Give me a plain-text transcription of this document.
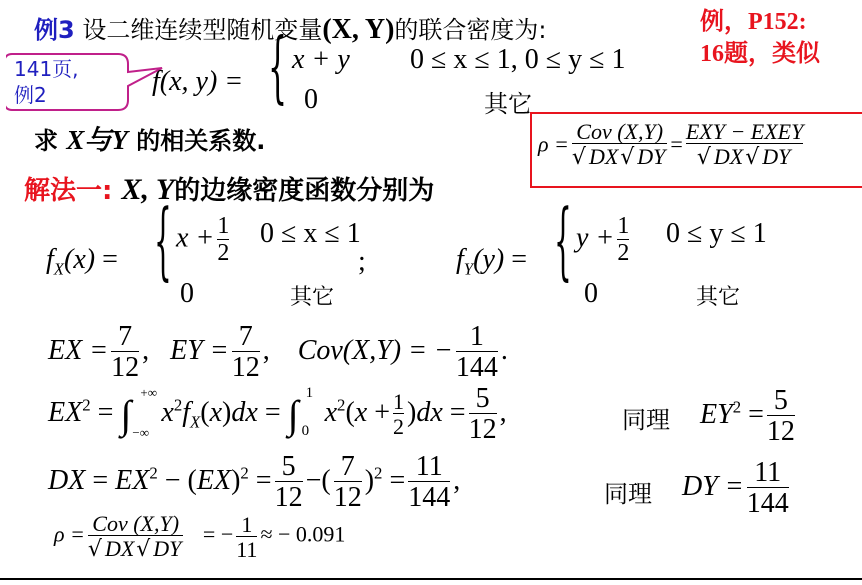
例3 设二维连续型随机变量(X, Y)的联合密度为:	例，P152:
16题，类似
141页,
例2	f(x, y) = { x + y 0 ≤ x ≤ 1, 0 ≤ y ≤ 1
0	其它
求 X与Y 的相关系数.	$\rho = \frac{\text{Cov (X,Y)}}{√ DX√ DY} = \frac{\text{EXY − EXEY}}{√ DX√ DY}$
解法一: X, Y的边缘密度函数分别为
$f_X(x)$ = { $x + \frac{1}{2} 0 \le x \le 1$
0	其它
;	$f_Y(y)$ = { $y + \frac{1}{2} 0 \le y \le 1$
0	其它
EX = $\frac{7}{12}$ ,   EY = $\frac{7}{12}$ ,    Cov(X,Y) = − $\frac{1}{144}$ .
$EX^2$ = ∫ +∞
−∞
$x^2f_X(x)dx$ = ∫ 1
0
$x^2(x + \frac{1}{2} )dx = \frac{5}{12}$ ,	同理 $EY^2 = \frac{5}{12}$
DX = $EX^2 - (EX)^2 = \frac{5}{12}$ −( $\frac{7}{12} )^2 = \frac{11}{144}$ ,	同理 DY = $\frac{11}{144}$
$\rho = \frac{\text{Cov (X,Y)}}{√ DX√ DY}$ = − $\frac{1}{11}$ ≈ − 0.091
